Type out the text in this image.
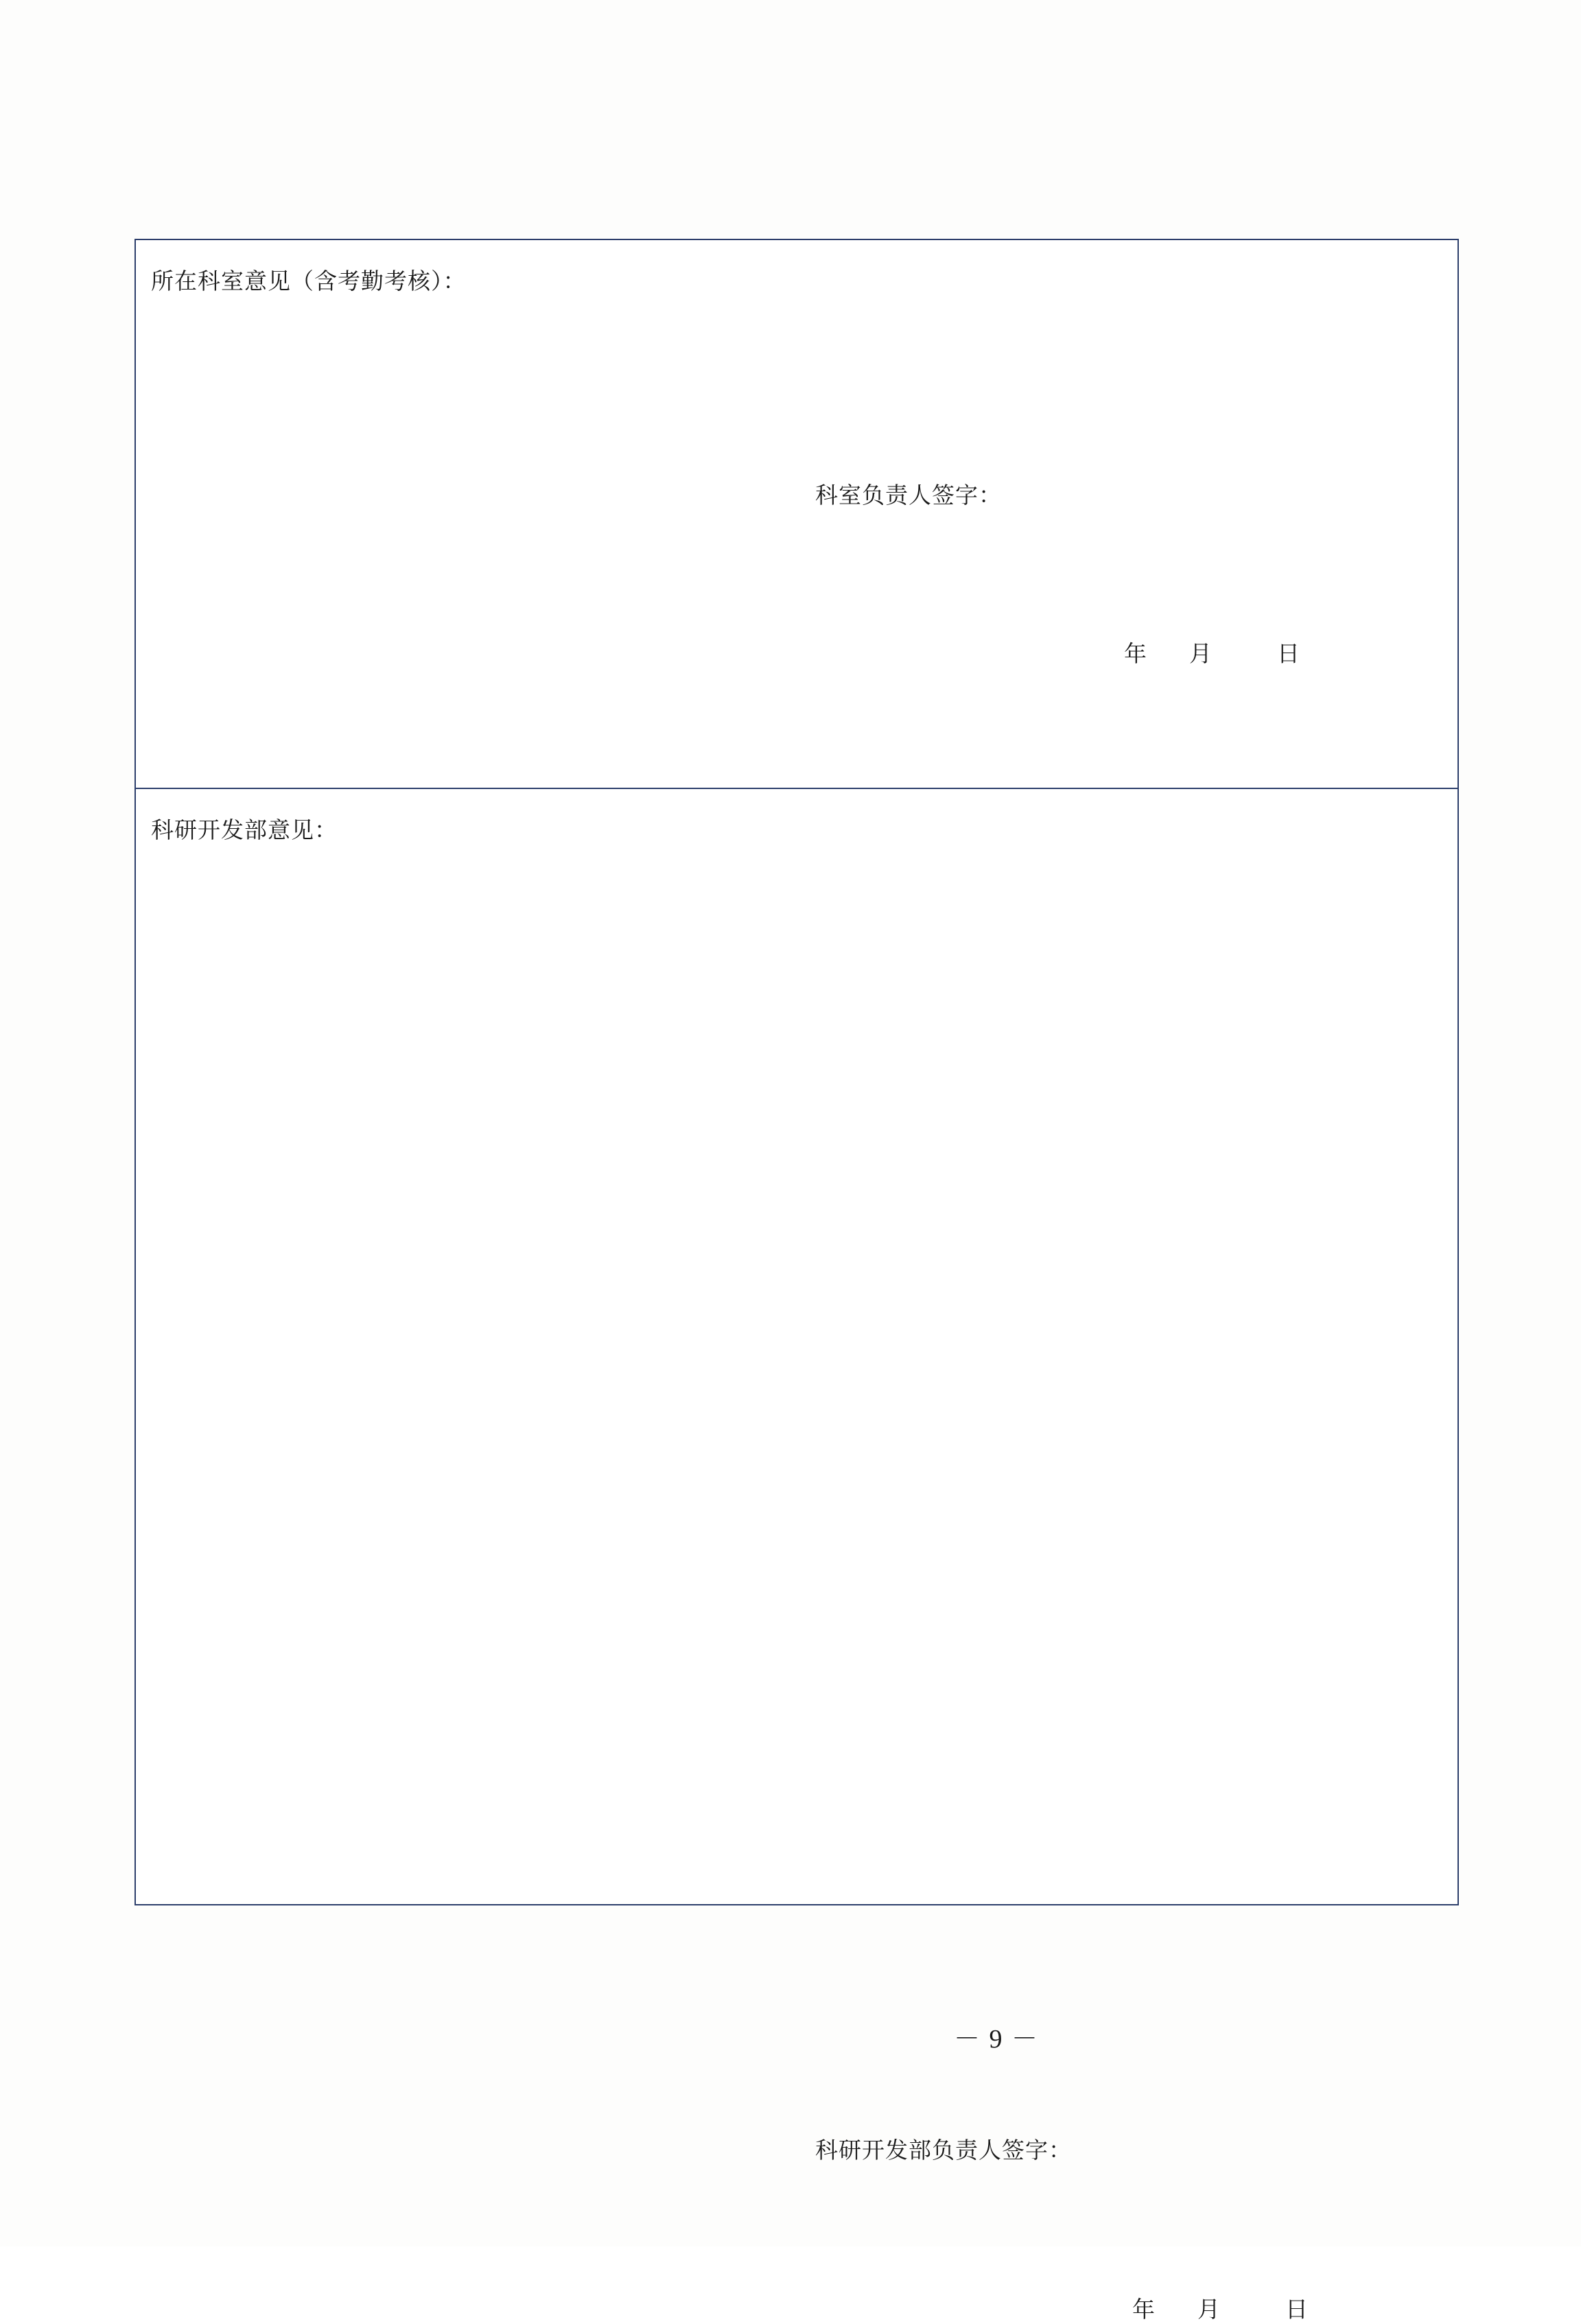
所在科室意见（含考勤考核）：
科室负责人签字：
年 月	日
科研开发部意见：
科研开发部负责人签字：
年 月	日
－ 9 －
